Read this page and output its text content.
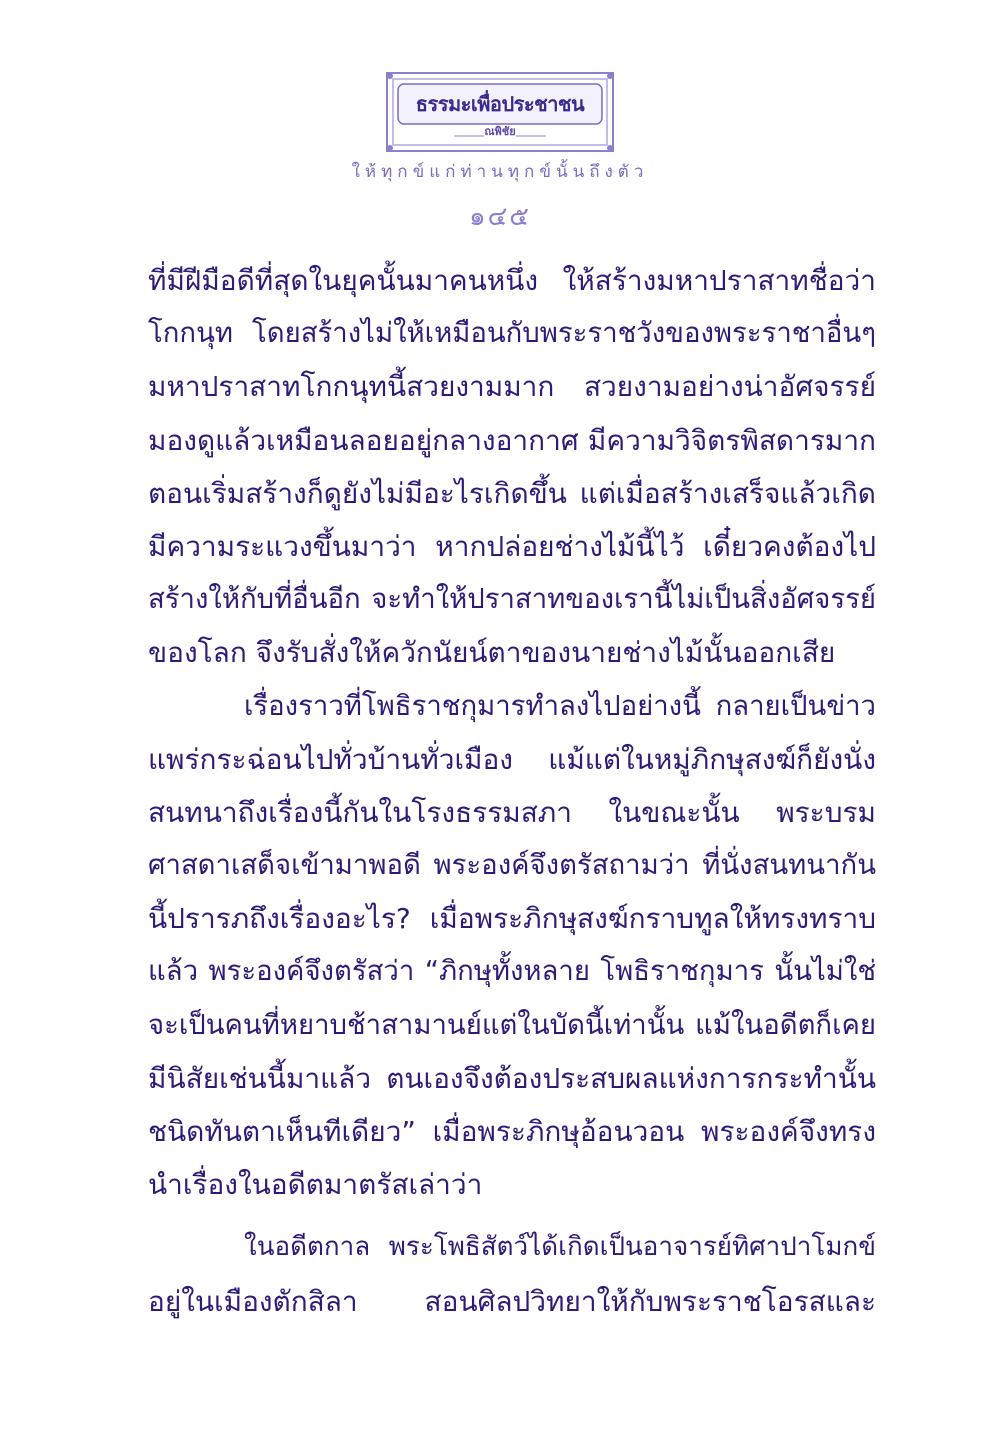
ธรรมะเพื่อประชาชน
ณพิชัย
ให้ทุกข์แก่ท่านทุกข์นั้นถึงตัว
๑๔๕
ที่มีฝีมือดีที่สุดในยุคนั้นมาคนหนึ่ง ให้สร้างมหาปราสาทชื่อว่า
โกกนุท โดยสร้างไม่ให้เหมือนกับพระราชวังของพระราชาอื่นๆ
มหาปราสาทโกกนุทนี้สวยงามมาก สวยงามอย่างน่าอัศจรรย์
มองดูแล้วเหมือนลอยอยู่กลางอากาศ มีความวิจิตรพิสดารมาก
ตอนเริ่มสร้างก็ดูยังไม่มีอะไรเกิดขึ้น แต่เมื่อสร้างเสร็จแล้วเกิด
มีความระแวงขึ้นมาว่า หากปล่อยช่างไม้นี้ไว้ เดี๋ยวคงต้องไป
สร้างให้กับที่อื่นอีก จะทำให้ปราสาทของเรานี้ไม่เป็นสิ่งอัศจรรย์
ของโลก จึงรับสั่งให้ควักนัยน์ตาของนายช่างไม้นั้นออกเสีย
เรื่องราวที่โพธิราชกุมารทำลงไปอย่างนี้ กลายเป็นข่าว
แพร่กระฉ่อนไปทั่วบ้านทั่วเมือง แม้แต่ในหมู่ภิกษุสงฆ์ก็ยังนั่ง
สนทนาถึงเรื่องนี้กันในโรงธรรมสภา ในขณะนั้น พระบรม
ศาสดาเสด็จเข้ามาพอดี พระองค์จึงตรัสถามว่า ที่นั่งสนทนากัน
นี้ปรารภถึงเรื่องอะไร? เมื่อพระภิกษุสงฆ์กราบทูลให้ทรงทราบ
แล้ว พระองค์จึงตรัสว่า “ภิกษุทั้งหลาย โพธิราชกุมาร นั้นไม่ใช่
จะเป็นคนที่หยาบช้าสามานย์แต่ในบัดนี้เท่านั้น แม้ในอดีตก็เคย
มีนิสัยเช่นนี้มาแล้ว ตนเองจึงต้องประสบผลแห่งการกระทำนั้น
ชนิดทันตาเห็นทีเดียว” เมื่อพระภิกษุอ้อนวอน พระองค์จึงทรง
นำเรื่องในอดีตมาตรัสเล่าว่า
ในอดีตกาล พระโพธิสัตว์ได้เกิดเป็นอาจารย์ทิศาปาโมกข์
อยู่ในเมืองตักสิลา สอนศิลปวิทยาให้กับพระราชโอรสและ
